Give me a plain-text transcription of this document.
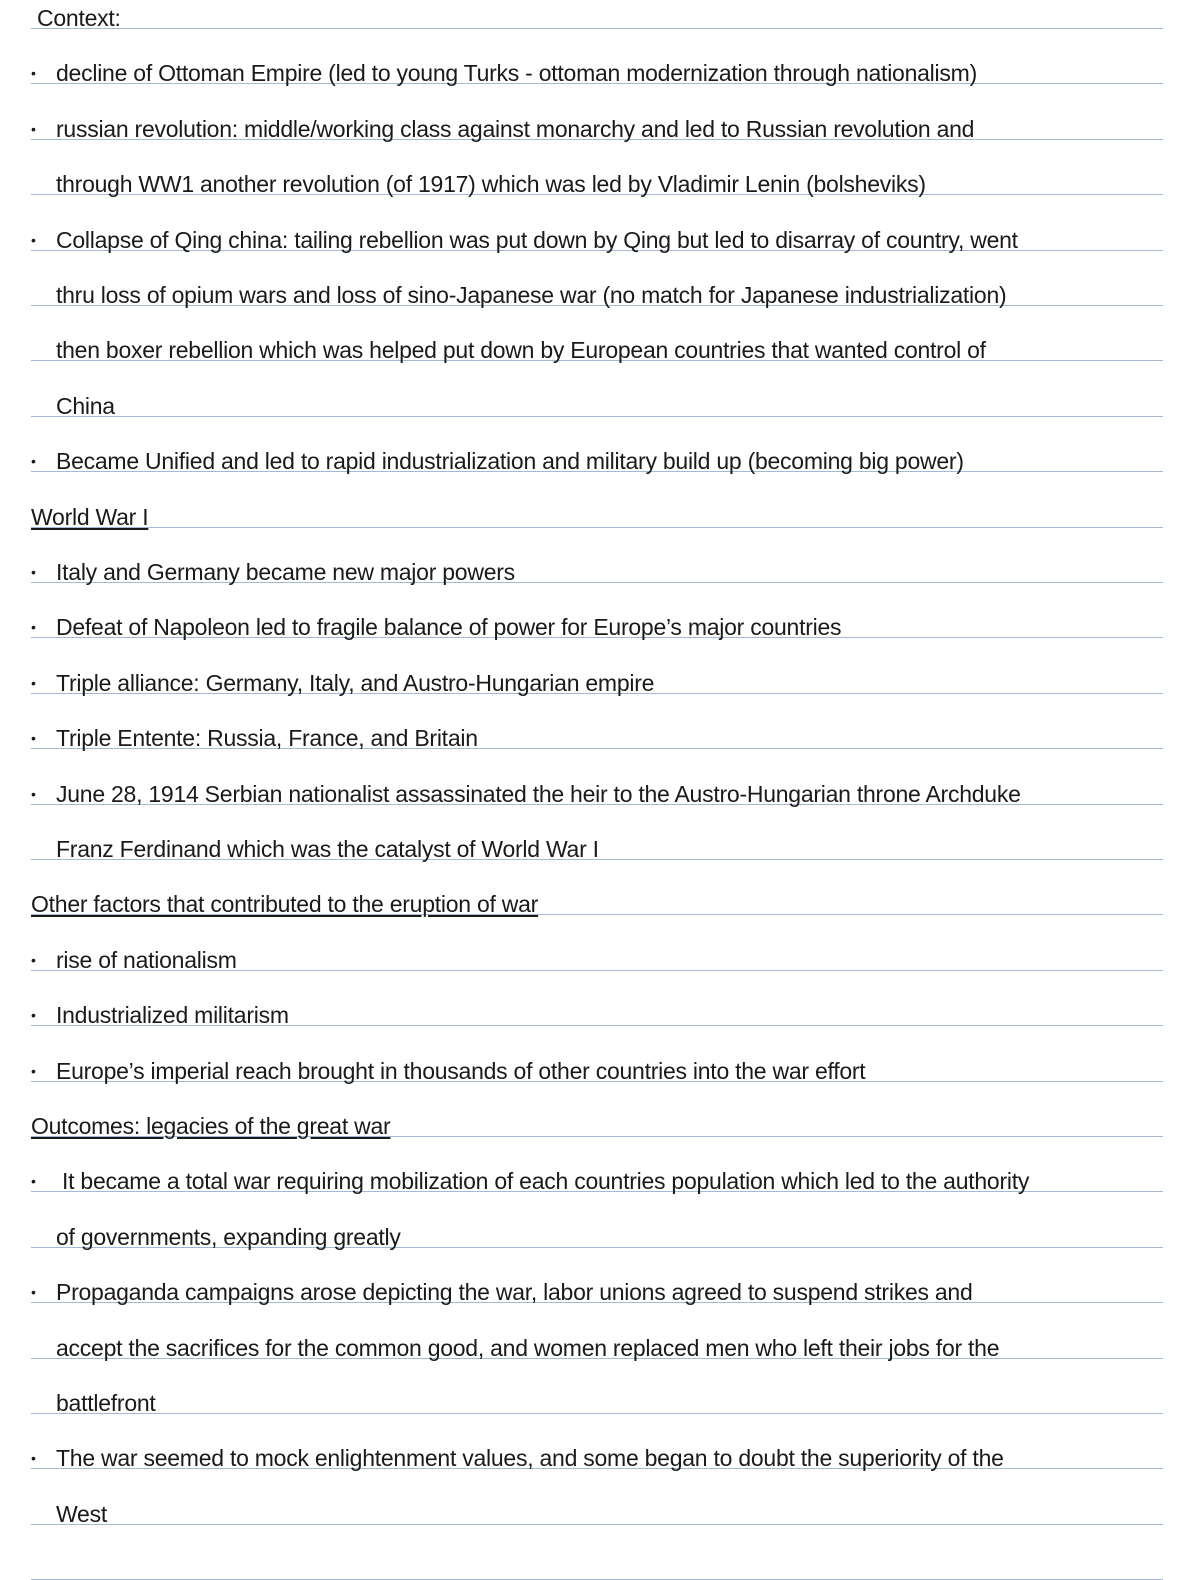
Context:
• decline of Ottoman Empire (led to young Turks - ottoman modernization through nationalism)
• russian revolution: middle/working class against monarchy and led to Russian revolution and
through WW1 another revolution (of 1917) which was led by Vladimir Lenin (bolsheviks)
• Collapse of Qing china: tailing rebellion was put down by Qing but led to disarray of country, went
thru loss of opium wars and loss of sino-Japanese war (no match for Japanese industrialization)
then boxer rebellion which was helped put down by European countries that wanted control of
China
• Became Unified and led to rapid industrialization and military build up (becoming big power)
World War I
• Italy and Germany became new major powers
• Defeat of Napoleon led to fragile balance of power for Europe’s major countries
• Triple alliance: Germany, Italy, and Austro-Hungarian empire
• Triple Entente: Russia, France, and Britain
• June 28, 1914 Serbian nationalist assassinated the heir to the Austro-Hungarian throne Archduke
Franz Ferdinand which was the catalyst of World War I
Other factors that contributed to the eruption of war
• rise of nationalism
• Industrialized militarism
• Europe’s imperial reach brought in thousands of other countries into the war effort
Outcomes: legacies of the great war
• It became a total war requiring mobilization of each countries population which led to the authority
of governments, expanding greatly
• Propaganda campaigns arose depicting the war, labor unions agreed to suspend strikes and
accept the sacrifices for the common good, and women replaced men who left their jobs for the
battlefront
• The war seemed to mock enlightenment values, and some began to doubt the superiority of the
West
